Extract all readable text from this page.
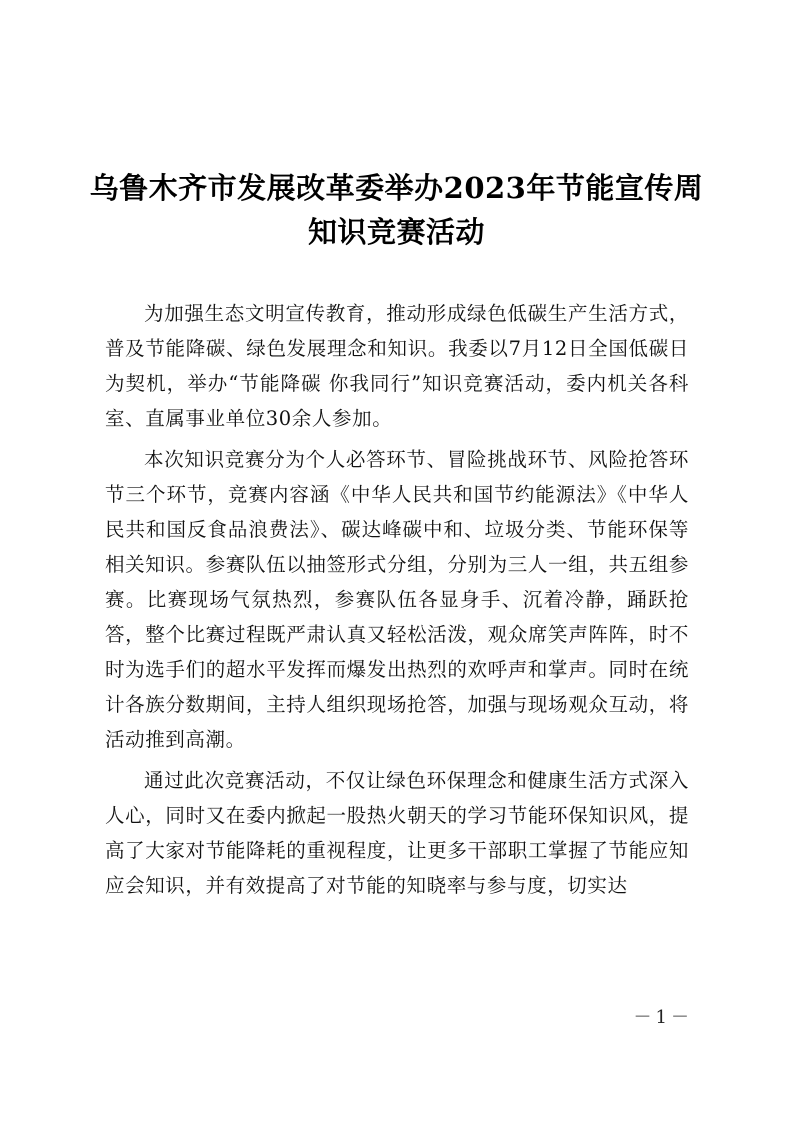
乌鲁木齐市发展改革委举办2023年节能宣传周
知识竞赛活动

为加强生态文明宣传教育，推动形成绿色低碳生产生活方式，普及节能降碳、绿色发展理念和知识。我委以7月12日全国低碳日为契机，举办“节能降碳 你我同行”知识竞赛活动，委内机关各科室、直属事业单位30余人参加。

本次知识竞赛分为个人必答环节、冒险挑战环节、风险抢答环节三个环节，竞赛内容涵《中华人民共和国节约能源法》《中华人民共和国反食品浪费法》、碳达峰碳中和、垃圾分类、节能环保等相关知识。参赛队伍以抽签形式分组，分别为三人一组，共五组参赛。比赛现场气氛热烈，参赛队伍各显身手、沉着冷静，踊跃抢答，整个比赛过程既严肃认真又轻松活泼，观众席笑声阵阵，时不时为选手们的超水平发挥而爆发出热烈的欢呼声和掌声。同时在统计各族分数期间，主持人组织现场抢答，加强与现场观众互动，将活动推到高潮。

通过此次竞赛活动，不仅让绿色环保理念和健康生活方式深入人心，同时又在委内掀起一股热火朝天的学习节能环保知识风，提高了大家对节能降耗的重视程度，让更多干部职工掌握了节能应知应会知识，并有效提高了对节能的知晓率与参与度，切实达

－1－
